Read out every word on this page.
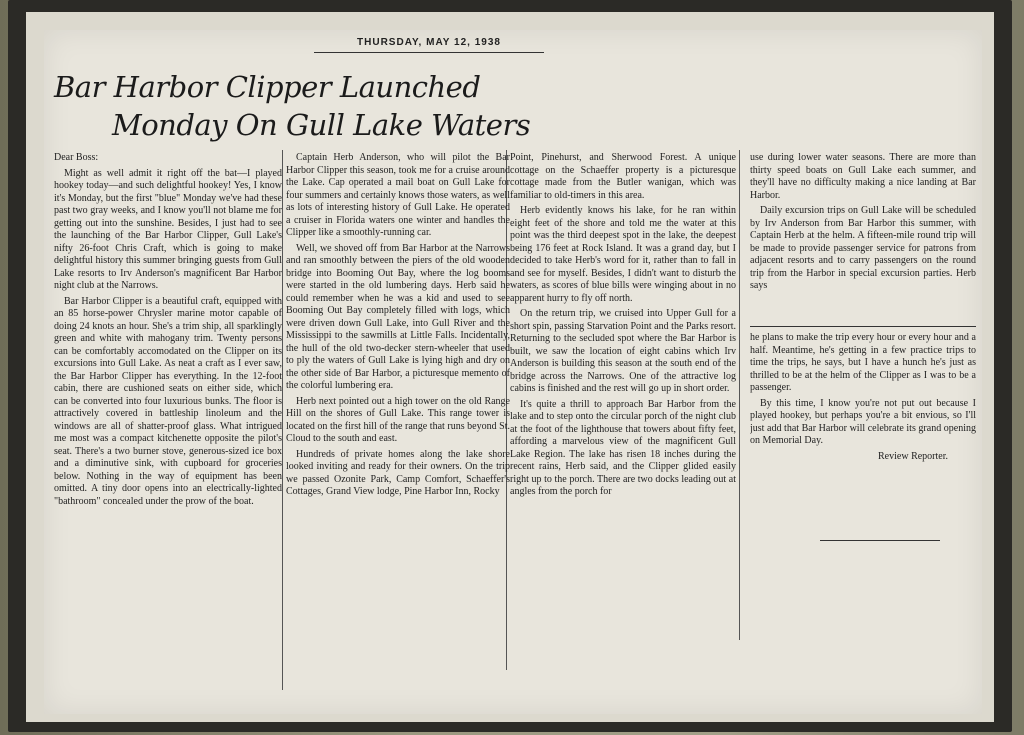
THURSDAY, MAY 12, 1938
Bar Harbor Clipper Launched
Monday On Gull Lake Waters

Dear Boss:

Might as well admit it right off the bat—I played hookey today—and such delightful hookey! Yes, I know it's Monday, but the first "blue" Monday we've had these past two gray weeks, and I know you'll not blame me for getting out into the sunshine. Besides, I just had to see the launching of the Bar Harbor Clipper, Gull Lake's nifty 26-foot Chris Craft, which is going to make delightful history this summer bringing guests from Gull Lake resorts to Irv Anderson's magnificent Bar Harbor night club at the Narrows.

Bar Harbor Clipper is a beautiful craft, equipped with an 85 horse-power Chrysler marine motor capable of doing 24 knots an hour. She's a trim ship, all sparklingly green and white with mahogany trim. Twenty persons can be comfortably accomodated on the Clipper on its excursions into Gull Lake. As neat a craft as I ever saw, the Bar Harbor Clipper has everything. In the 12-foot cabin, there are cushioned seats on either side, which can be converted into four luxurious bunks. The floor is attractively covered in battleship linoleum and the windows are all of shatter-proof glass. What intrigued me most was a compact kitchenette opposite the pilot's seat. There's a two burner stove, generous-sized ice box and a diminutive sink, with cupboard for groceries below. Nothing in the way of equipment has been omitted. A tiny door opens into an electrically-lighted "bathroom" concealed under the prow of the boat.

Captain Herb Anderson, who will pilot the Bar Harbor Clipper this season, took me for a cruise around the Lake. Cap operated a mail boat on Gull Lake for four summers and certainly knows those waters, as well as lots of interesting history of Gull Lake. He operated a cruiser in Florida waters one winter and handles the Clipper like a smoothly-running car.

Well, we shoved off from Bar Harbor at the Narrows and ran smoothly between the piers of the old wooden bridge into Booming Out Bay, where the log booms were started in the old lumbering days. Herb said he could remember when he was a kid and used to see Booming Out Bay completely filled with logs, which were driven down Gull Lake, into Gull River and the Mississippi to the sawmills at Little Falls. Incidentally, the hull of the old two-decker stern-wheeler that used to ply the waters of Gull Lake is lying high and dry on the other side of Bar Harbor, a picturesque memento of the colorful lumbering era.

Herb next pointed out a high tower on the old Range Hill on the shores of Gull Lake. This range tower is located on the first hill of the range that runs beyond St. Cloud to the south and east.

Hundreds of private homes along the lake shore looked inviting and ready for their owners. On the trip we passed Ozonite Park, Camp Comfort, Schaeffer's Cottages, Grand View lodge, Pine Harbor Inn, Rocky

Point, Pinehurst, and Sherwood Forest. A unique cottage on the Schaeffer property is a picturesque cottage made from the Butler wanigan, which was familiar to old-timers in this area.

Herb evidently knows his lake, for he ran within eight feet of the shore and told me the water at this point was the third deepest spot in the lake, the deepest being 176 feet at Rock Island. It was a grand day, but I decided to take Herb's word for it, rather than to fall in and see for myself. Besides, I didn't want to disturb the waters, as scores of blue bills were winging about in no apparent hurry to fly off north.

On the return trip, we cruised into Upper Gull for a short spin, passing Starvation Point and the Parks resort. Returning to the secluded spot where the Bar Harbor is built, we saw the location of eight cabins which Irv Anderson is building this season at the south end of the bridge across the Narrows. One of the attractive log cabins is finished and the rest will go up in short order.

It's quite a thrill to approach Bar Harbor from the lake and to step onto the circular porch of the night club at the foot of the lighthouse that towers about fifty feet, affording a marvelous view of the magnificent Gull Lake Region. The lake has risen 18 inches during the recent rains, Herb said, and the Clipper glided easily right up to the porch. There are two docks leading out at angles from the porch for

use during lower water seasons. There are more than thirty speed boats on Gull Lake each summer, and they'll have no difficulty making a nice landing at Bar Harbor.

Daily excursion trips on Gull Lake will be scheduled by Irv Anderson from Bar Harbor this summer, with Captain Herb at the helm. A fifteen-mile round trip will be made to provide passenger service for patrons from adjacent resorts and to carry passengers on the round trip from the Harbor in special excursion parties. Herb says

he plans to make the trip every hour or every hour and a half. Meantime, he's getting in a few practice trips to time the trips, he says, but I have a hunch he's just as thrilled to be at the helm of the Clipper as I was to be a passenger.

By this time, I know you're not put out because I played hookey, but perhaps you're a bit envious, so I'll just add that Bar Harbor will celebrate its grand opening on Memorial Day.

Review Reporter.
